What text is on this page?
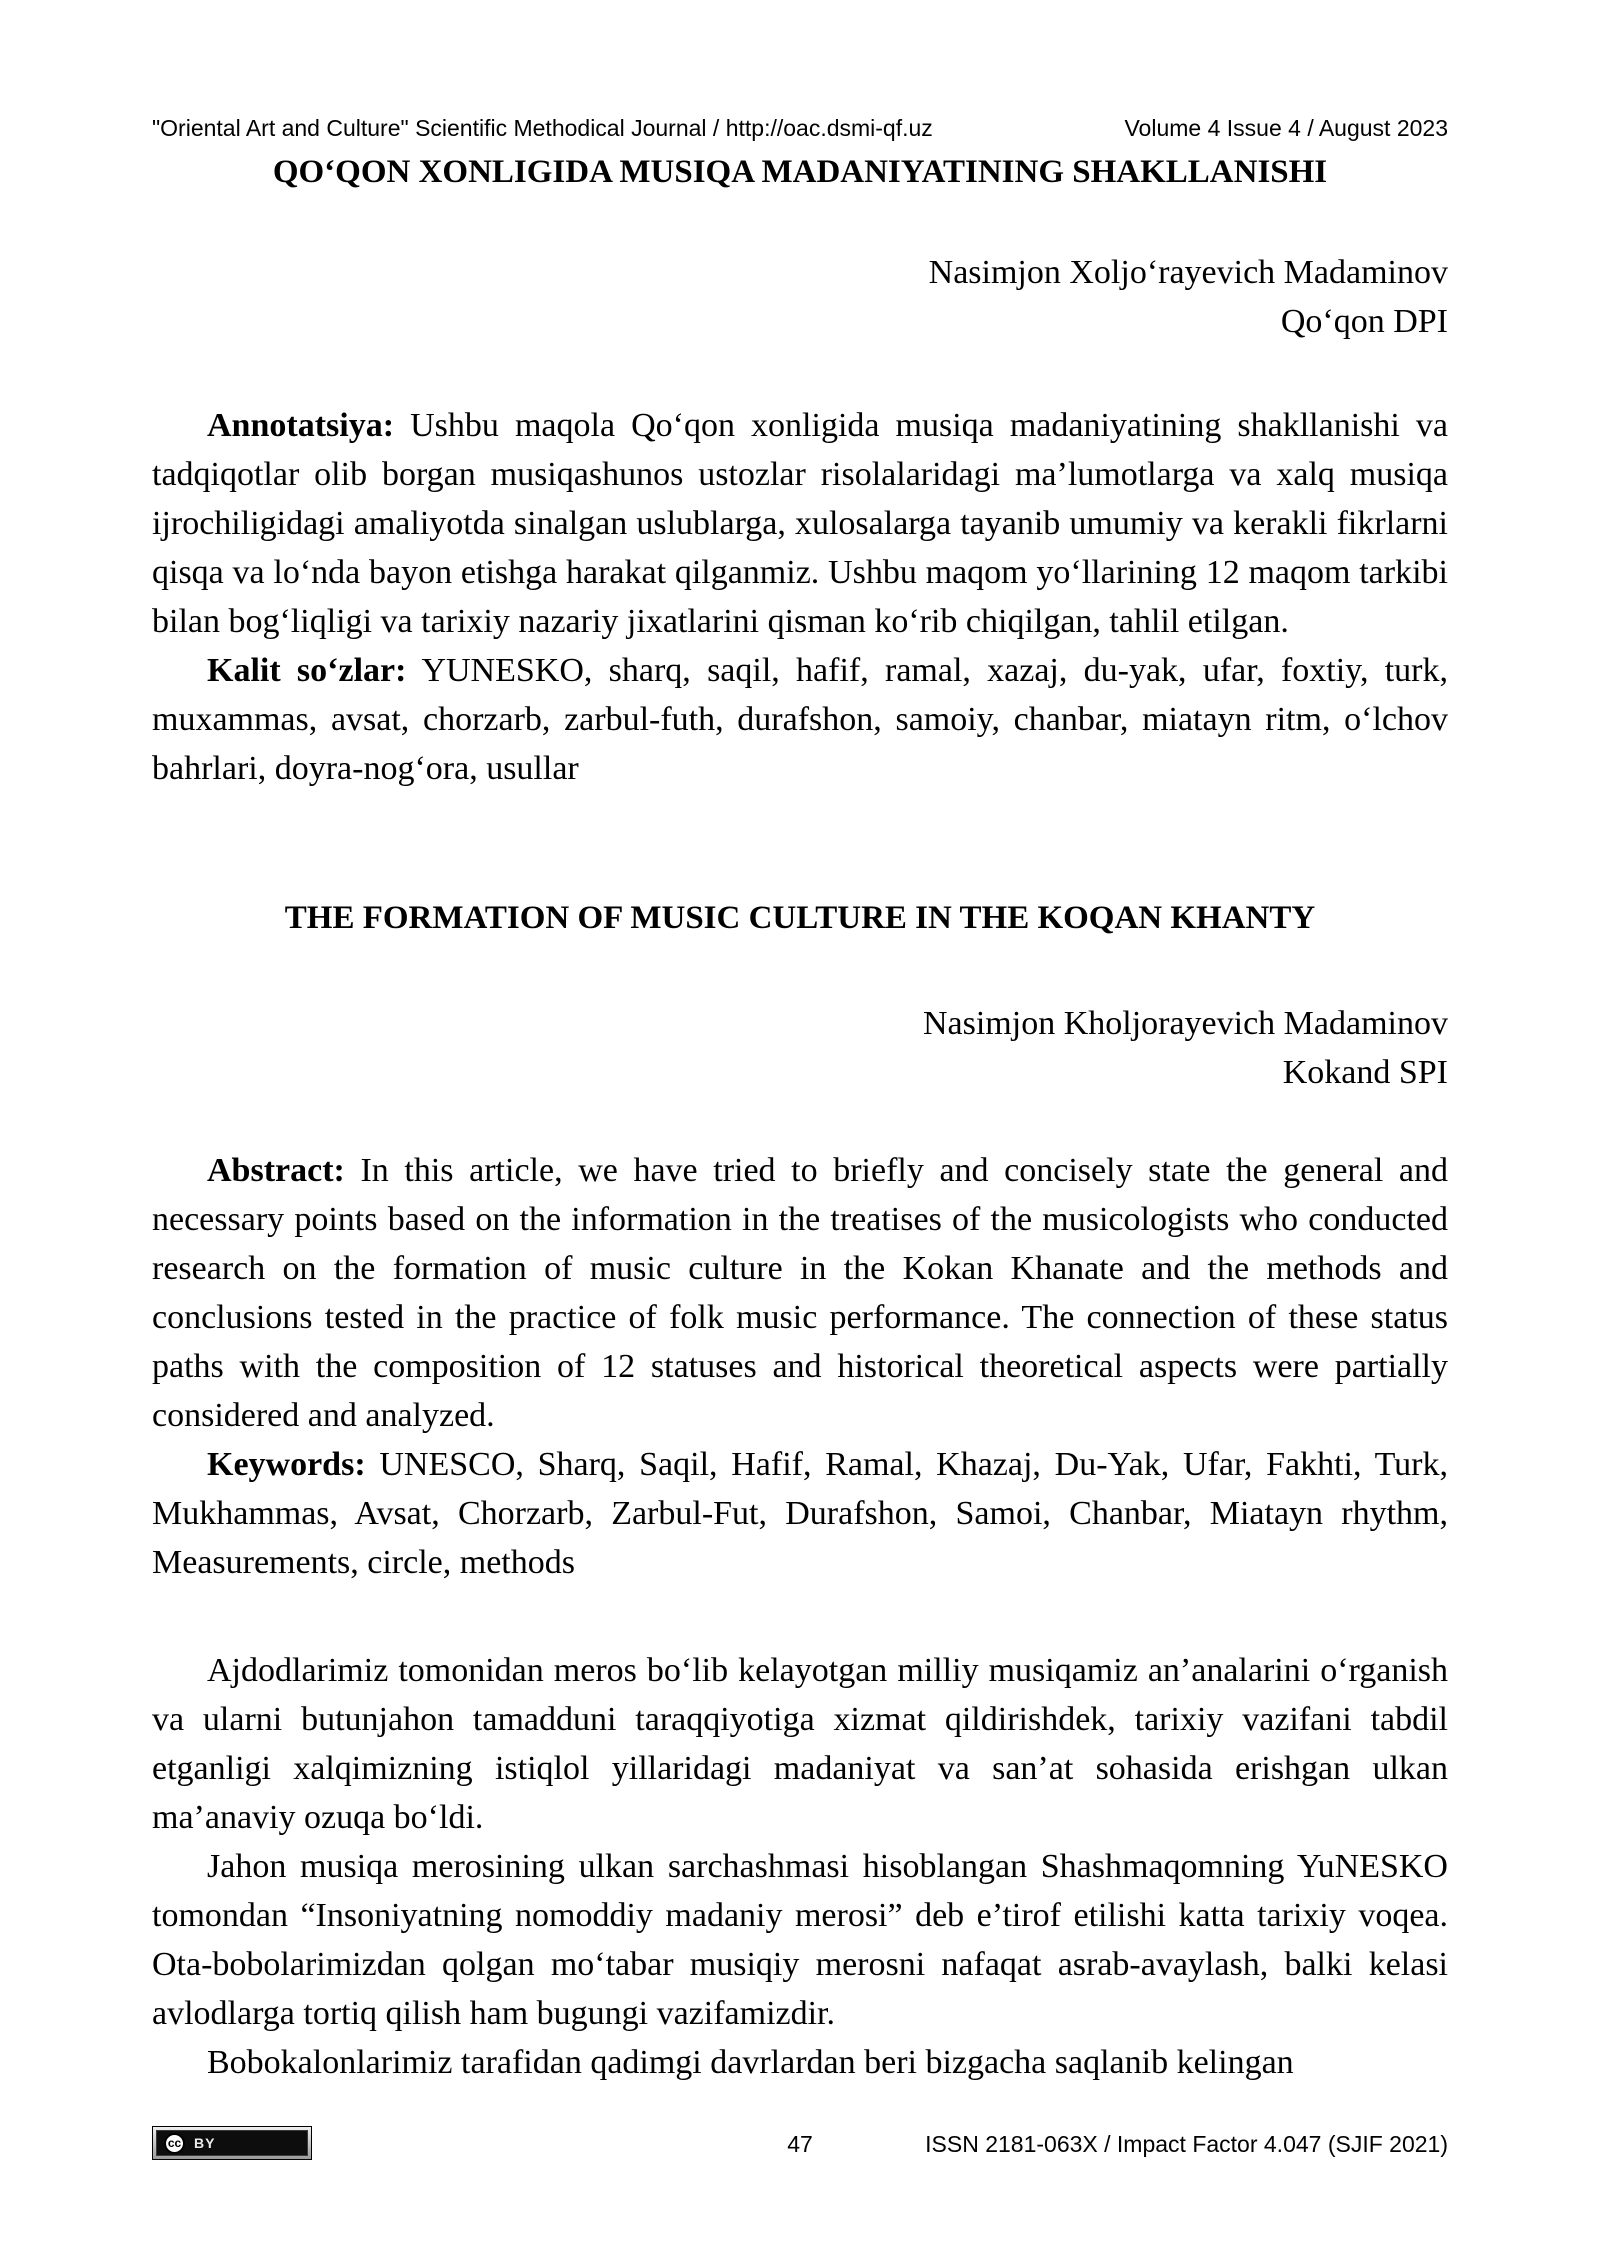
"Oriental Art and Culture" Scientific Methodical Journal / http://oac.dsmi-qf.uz	Volume 4 Issue 4 / August 2023
QO‘QON XONLIGIDA MUSIQA MADANIYATINING SHAKLLANISHI
Nasimjon Xoljo‘rayevich Madaminov
Qo‘qon DPI

Annotatsiya: Ushbu maqola Qo‘qon xonligida musiqa madaniyatining shakllanishi va tadqiqotlar olib borgan musiqashunos ustozlar risolalaridagi ma’lumotlarga va xalq musiqa ijrochiligidagi amaliyotda sinalgan uslublarga, xulosalarga tayanib umumiy va kerakli fikrlarni qisqa va lo‘nda bayon etishga harakat qilganmiz. Ushbu maqom yo‘llarining 12 maqom tarkibi bilan bog‘liqligi va tarixiy nazariy jixatlarini qisman ko‘rib chiqilgan, tahlil etilgan.

Kalit so‘zlar: YUNESKO, sharq, saqil, hafif, ramal, xazaj, du-yak, ufar, foxtiy, turk, muxammas, avsat, chorzarb, zarbul-futh, durafshon, samoiy, chanbar, miatayn ritm, o‘lchov bahrlari, doyra-nog‘ora, usullar

THE FORMATION OF MUSIC CULTURE IN THE KOQAN KHANTY
Nasimjon Kholjorayevich Madaminov
Kokand SPI

Abstract: In this article, we have tried to briefly and concisely state the general and necessary points based on the information in the treatises of the musicologists who conducted research on the formation of music culture in the Kokan Khanate and the methods and conclusions tested in the practice of folk music performance. The connection of these status paths with the composition of 12 statuses and historical theoretical aspects were partially considered and analyzed.

Keywords: UNESCO, Sharq, Saqil, Hafif, Ramal, Khazaj, Du-Yak, Ufar, Fakhti, Turk, Mukhammas, Avsat, Chorzarb, Zarbul-Fut, Durafshon, Samoi, Chanbar, Miatayn rhythm, Measurements, circle, methods

Ajdodlarimiz tomonidan meros bo‘lib kelayotgan milliy musiqamiz an’analarini o‘rganish va ularni butunjahon tamadduni taraqqiyotiga xizmat qildirishdek, tarixiy vazifani tabdil etganligi xalqimizning istiqlol yillaridagi madaniyat va san’at sohasida erishgan ulkan ma’anaviy ozuqa bo‘ldi.

Jahon musiqa merosining ulkan sarchashmasi hisoblangan Shashmaqomning YuNESKO tomondan “Insoniyatning nomoddiy madaniy merosi” deb e’tirof etilishi katta tarixiy voqea. Ota-bobolarimizdan qolgan mo‘tabar musiqiy merosni nafaqat asrab-avaylash, balki kelasi avlodlarga tortiq qilish ham bugungi vazifamizdir.

Bobokalonlarimiz tarafidan qadimgi davrlardan beri bizgacha saqlanib kelingan

cc BY	47	ISSN 2181-063X / Impact Factor 4.047 (SJIF 2021)
